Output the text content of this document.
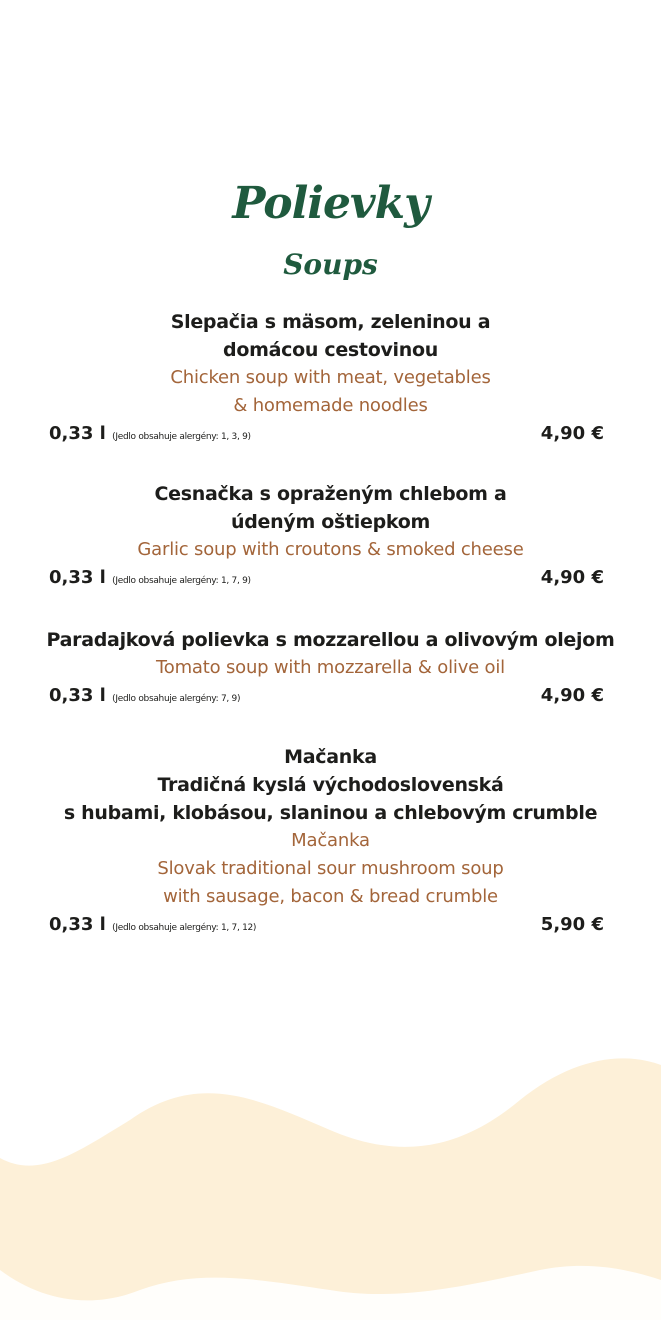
Polievky
Soups
Slepačia s mäsom, zeleninou a
domácou cestovinou
Chicken soup with meat, vegetables
& homemade noodles
0,33 l (Jedlo obsahuje alergény: 1, 3, 9)	4,90 €
Cesnačka s opraženým chlebom a
údeným oštiepkom
Garlic soup with croutons & smoked cheese
0,33 l (Jedlo obsahuje alergény: 1, 7, 9)	4,90 €
Paradajková polievka s mozzarellou a olivovým olejom
Tomato soup with mozzarella & olive oil
0,33 l (Jedlo obsahuje alergény: 7, 9)	4,90 €
Mačanka
Tradičná kyslá východoslovenská
s hubami, klobásou, slaninou a chlebovým crumble
Mačanka
Slovak traditional sour mushroom soup
with sausage, bacon & bread crumble
0,33 l (Jedlo obsahuje alergény: 1, 7, 12)	5,90 €
